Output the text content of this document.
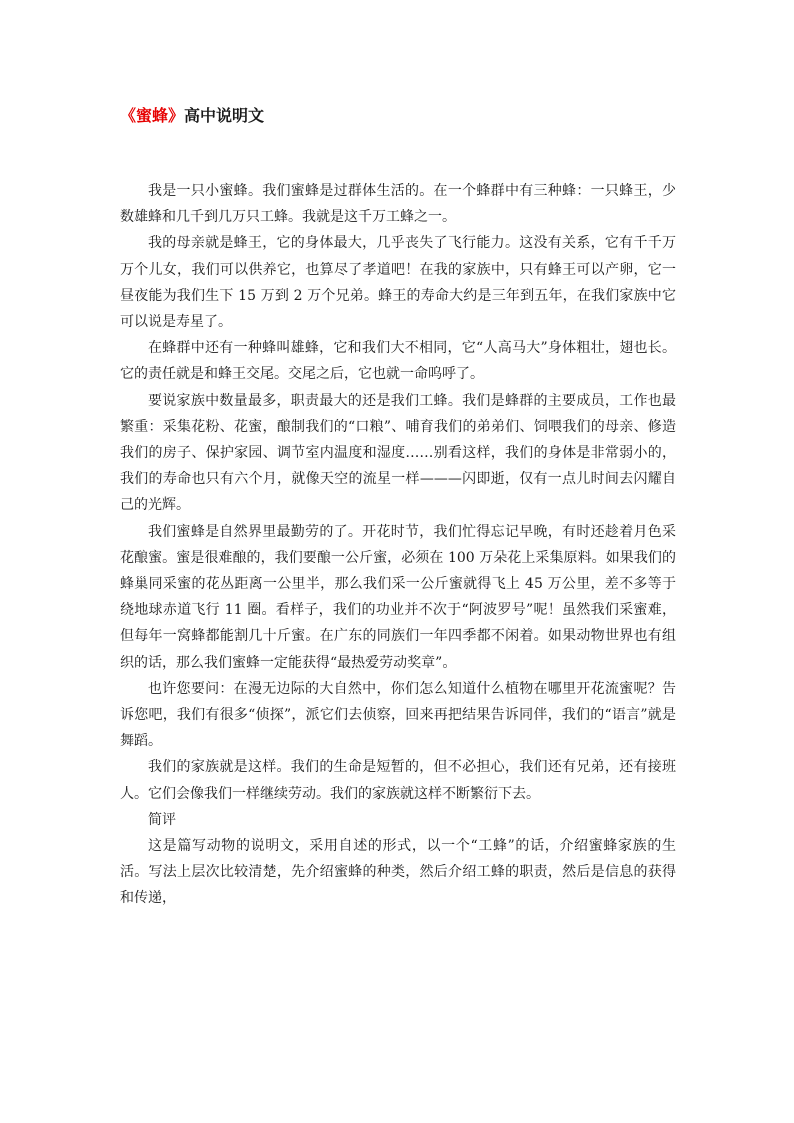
《蜜蜂》高中说明文

我是一只小蜜蜂。我们蜜蜂是过群体生活的。在一个蜂群中有三种蜂：一只蜂王，少数雄蜂和几千到几万只工蜂。我就是这千万工蜂之一。

我的母亲就是蜂王，它的身体最大，几乎丧失了飞行能力。这没有关系，它有千千万万个儿女，我们可以供养它，也算尽了孝道吧！在我的家族中，只有蜂王可以产卵，它一昼夜能为我们生下 15 万到 2 万个兄弟。蜂王的寿命大约是三年到五年，在我们家族中它可以说是寿星了。

在蜂群中还有一种蜂叫雄蜂，它和我们大不相同，它“人高马大”身体粗壮，翅也长。它的责任就是和蜂王交尾。交尾之后，它也就一命呜呼了。

要说家族中数量最多，职责最大的还是我们工蜂。我们是蜂群的主要成员，工作也最繁重：采集花粉、花蜜，酿制我们的“口粮”、哺育我们的弟弟们、饲喂我们的母亲、修造我们的房子、保护家园、调节室内温度和湿度……别看这样，我们的身体是非常弱小的，我们的寿命也只有六个月，就像天空的流星一样———闪即逝，仅有一点儿时间去闪耀自己的光辉。

我们蜜蜂是自然界里最勤劳的了。开花时节，我们忙得忘记早晚，有时还趁着月色采花酿蜜。蜜是很难酿的，我们要酿一公斤蜜，必须在 100 万朵花上采集原料。如果我们的蜂巢同采蜜的花丛距离一公里半，那么我们采一公斤蜜就得飞上 45 万公里，差不多等于绕地球赤道飞行 11 圈。看样子，我们的功业并不次于“阿波罗号”呢！虽然我们采蜜难，但每年一窝蜂都能割几十斤蜜。在广东的同族们一年四季都不闲着。如果动物世界也有组织的话，那么我们蜜蜂一定能获得“最热爱劳动奖章”。

也许您要问：在漫无边际的大自然中，你们怎么知道什么植物在哪里开花流蜜呢？告诉您吧，我们有很多“侦探”，派它们去侦察，回来再把结果告诉同伴，我们的“语言”就是舞蹈。

我们的家族就是这样。我们的生命是短暂的，但不必担心，我们还有兄弟，还有接班人。它们会像我们一样继续劳动。我们的家族就这样不断繁衍下去。

简评

这是篇写动物的说明文，采用自述的形式，以一个“工蜂”的话，介绍蜜蜂家族的生活。写法上层次比较清楚，先介绍蜜蜂的种类，然后介绍工蜂的职责，然后是信息的获得和传递，
